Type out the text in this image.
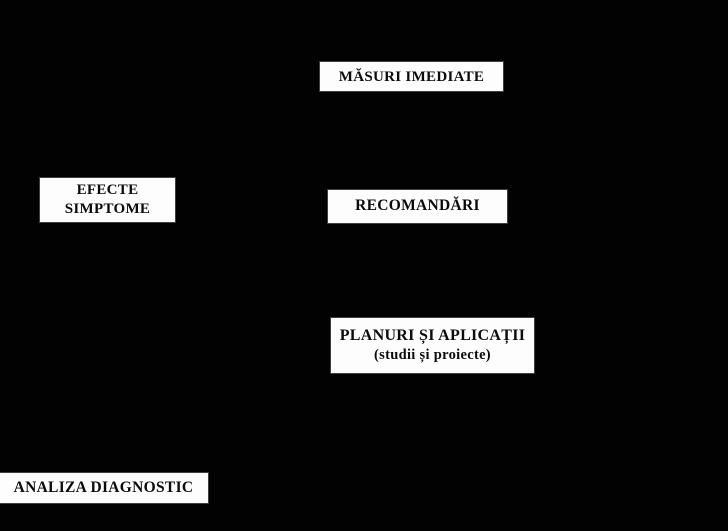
MĂSURI IMEDIATE
EFECTE
SIMPTOME	RECOMANDĂRI
PLANURI ȘI APLICAȚII
(studii și proiecte)
ANALIZA DIAGNOSTIC
